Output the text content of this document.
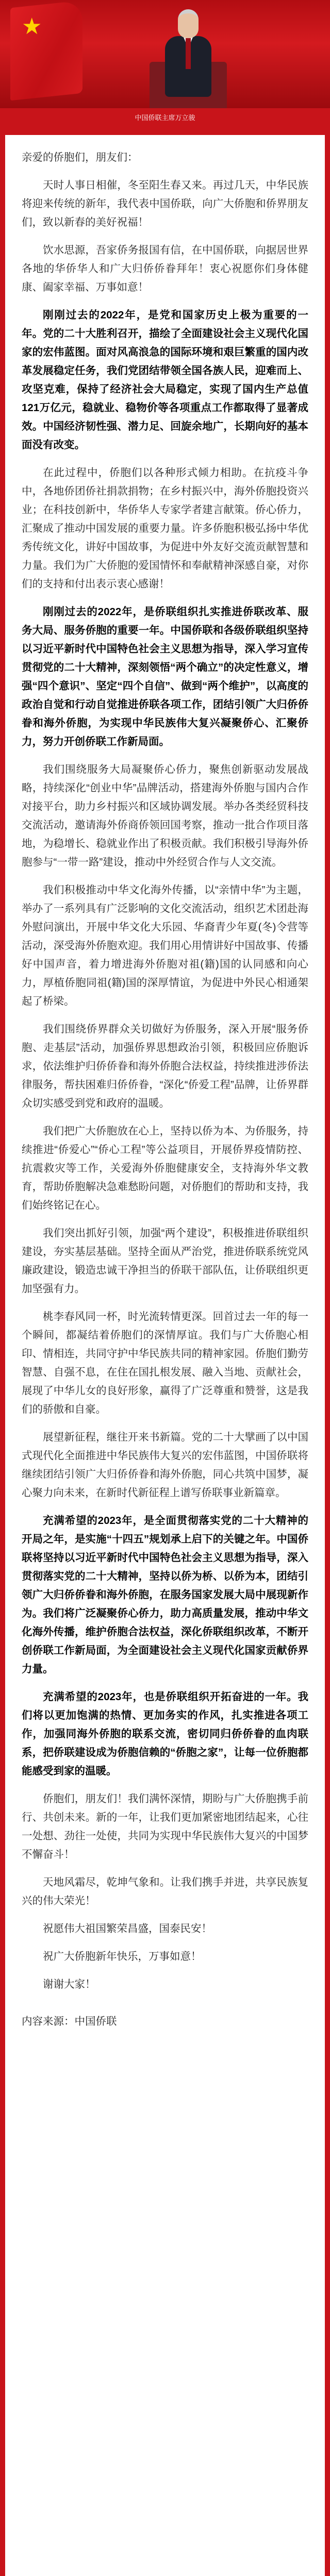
★
中国侨联主席万立骏

亲爱的侨胞们，朋友们：

天时人事日相催，冬至阳生春又来。再过几天，中华民族将迎来传统的新年，我代表中国侨联，向广大侨胞和侨界朋友们，致以新春的美好祝福！

饮水思源，吾家侨务报国有信，在中国侨联，向据居世界各地的华侨华人和广大归侨侨眷拜年！衷心祝愿你们身体健康、阖家幸福、万事如意！

刚刚过去的2022年，是党和国家历史上极为重要的一年。党的二十大胜利召开，描绘了全面建设社会主义现代化国家的宏伟蓝图。面对风高浪急的国际环境和艰巨繁重的国内改革发展稳定任务，我们党团结带领全国各族人民，迎难而上、攻坚克难，保持了经济社会大局稳定，实现了国内生产总值121万亿元，稳就业、稳物价等各项重点工作都取得了显著成效。中国经济韧性强、潜力足、回旋余地广，长期向好的基本面没有改变。

在此过程中，侨胞们以各种形式倾力相助。在抗疫斗争中，各地侨团侨社捐款捐物；在乡村振兴中，海外侨胞投资兴业；在科技创新中，华侨华人专家学者建言献策。侨心侨力，汇聚成了推动中国发展的重要力量。许多侨胞积极弘扬中华优秀传统文化，讲好中国故事，为促进中外友好交流贡献智慧和力量。我们为广大侨胞的爱国情怀和奉献精神深感自豪，对你们的支持和付出表示衷心感谢！

刚刚过去的2022年，是侨联组织扎实推进侨联改革、服务大局、服务侨胞的重要一年。中国侨联和各级侨联组织坚持以习近平新时代中国特色社会主义思想为指导，深入学习宣传贯彻党的二十大精神，深刻领悟“两个确立”的决定性意义，增强“四个意识”、坚定“四个自信”、做到“两个维护”，以高度的政治自觉和行动自觉推进侨联各项工作，团结引领广大归侨侨眷和海外侨胞，为实现中华民族伟大复兴凝聚侨心、汇聚侨力，努力开创侨联工作新局面。

我们围绕服务大局凝聚侨心侨力，聚焦创新驱动发展战略，持续深化“创业中华”品牌活动，搭建海外侨胞与国内合作对接平台，助力乡村振兴和区域协调发展。举办各类经贸科技交流活动，邀请海外侨商侨领回国考察，推动一批合作项目落地，为稳增长、稳就业作出了积极贡献。我们积极引导海外侨胞参与“一带一路”建设，推动中外经贸合作与人文交流。

我们积极推动中华文化海外传播，以“亲情中华”为主题，举办了一系列具有广泛影响的文化交流活动，组织艺术团赴海外慰问演出，开展中华文化大乐园、华裔青少年夏(冬)令营等活动，深受海外侨胞欢迎。我们用心用情讲好中国故事、传播好中国声音，着力增进海外侨胞对祖(籍)国的认同感和向心力，厚植侨胞同祖(籍)国的深厚情谊，为促进中外民心相通架起了桥梁。

我们围绕侨界群众关切做好为侨服务，深入开展“服务侨胞、走基层”活动，加强侨界思想政治引领，积极回应侨胞诉求，依法维护归侨侨眷和海外侨胞合法权益，持续推进涉侨法律服务，帮扶困难归侨侨眷，“深化“侨爱工程”品牌，让侨界群众切实感受到党和政府的温暖。

我们把广大侨胞放在心上，坚持以侨为本、为侨服务，持续推进“侨爱心”“侨心工程”等公益项目，开展侨界疫情防控、抗震救灾等工作，关爱海外侨胞健康安全，支持海外华文教育，帮助侨胞解决急难愁盼问题，对侨胞们的帮助和支持，我们始终铭记在心。

我们突出抓好引领，加强“两个建设”，积极推进侨联组织建设，夯实基层基础。坚持全面从严治党，推进侨联系统党风廉政建设，锻造忠诚干净担当的侨联干部队伍，让侨联组织更加坚强有力。

桃李春风同一杯，时光流转情更深。回首过去一年的每一个瞬间，都凝结着侨胞们的深情厚谊。我们与广大侨胞心相印、情相连，共同守护中华民族共同的精神家园。侨胞们勤劳智慧、自强不息，在住在国扎根发展、融入当地、贡献社会，展现了中华儿女的良好形象，赢得了广泛尊重和赞誉，这是我们的骄傲和自豪。

展望新征程，继往开来书新篇。党的二十大擘画了以中国式现代化全面推进中华民族伟大复兴的宏伟蓝图，中国侨联将继续团结引领广大归侨侨眷和海外侨胞，同心共筑中国梦，凝心聚力向未来，在新时代新征程上谱写侨联事业新篇章。

充满希望的2023年，是全面贯彻落实党的二十大精神的开局之年，是实施“十四五”规划承上启下的关键之年。中国侨联将坚持以习近平新时代中国特色社会主义思想为指导，深入贯彻落实党的二十大精神，坚持以侨为桥、以侨为本，团结引领广大归侨侨眷和海外侨胞，在服务国家发展大局中展现新作为。我们将广泛凝聚侨心侨力，助力高质量发展，推动中华文化海外传播，维护侨胞合法权益，深化侨联组织改革，不断开创侨联工作新局面，为全面建设社会主义现代化国家贡献侨界力量。

充满希望的2023年，也是侨联组织开拓奋进的一年。我们将以更加饱满的热情、更加务实的作风，扎实推进各项工作，加强同海外侨胞的联系交流，密切同归侨侨眷的血肉联系，把侨联建设成为侨胞信赖的“侨胞之家”，让每一位侨胞都能感受到家的温暖。

侨胞们，朋友们！我们满怀深情，期盼与广大侨胞携手前行、共创未来。新的一年，让我们更加紧密地团结起来，心往一处想、劲往一处使，共同为实现中华民族伟大复兴的中国梦不懈奋斗！

天地风霜尽，乾坤气象和。让我们携手并进，共享民族复兴的伟大荣光！

祝愿伟大祖国繁荣昌盛，国泰民安！

祝广大侨胞新年快乐，万事如意！

谢谢大家！

内容来源：中国侨联
